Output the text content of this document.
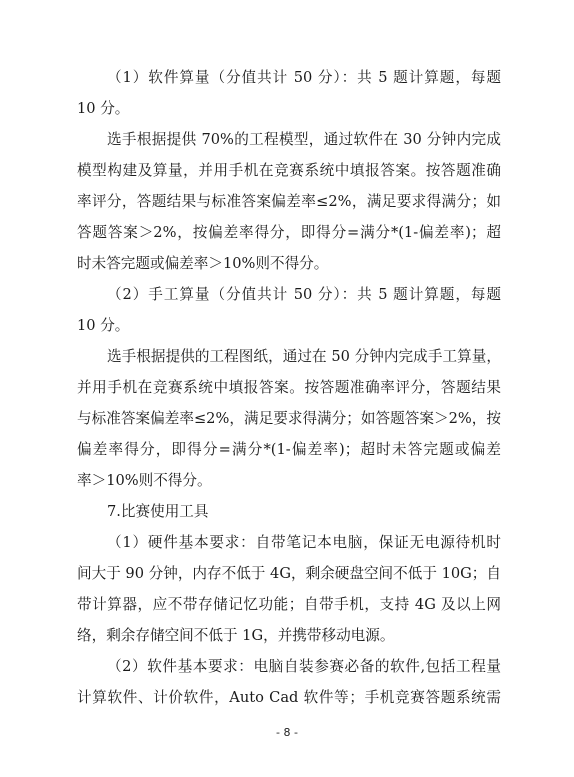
（1）软件算量（分值共计 50 分）：共 5 题计算题，每题
10 分。
选手根据提供 70%的工程模型，通过软件在 30 分钟内完成
模型构建及算量，并用手机在竞赛系统中填报答案。按答题准确
率评分，答题结果与标准答案偏差率≤2%，满足要求得满分；如
答题答案＞2%，按偏差率得分，即得分=满分*(1-偏差率)；超
时未答完题或偏差率＞10%则不得分。
（2）手工算量（分值共计 50 分）：共 5 题计算题，每题
10 分。
选手根据提供的工程图纸，通过在 50 分钟内完成手工算量，
并用手机在竞赛系统中填报答案。按答题准确率评分，答题结果
与标准答案偏差率≤2%，满足要求得满分；如答题答案＞2%，按
偏差率得分，即得分=满分*(1-偏差率)；超时未答完题或偏差
率＞10%则不得分。
7.比赛使用工具
（1）硬件基本要求：自带笔记本电脑，保证无电源待机时
间大于 90 分钟，内存不低于 4G，剩余硬盘空间不低于 10G；自
带计算器，应不带存储记忆功能；自带手机，支持 4G 及以上网
络，剩余存储空间不低于 1G，并携带移动电源。
（2）软件基本要求：电脑自装参赛必备的软件,包括工程量
计算软件、计价软件，Auto Cad 软件等；手机竞赛答题系统需
- 8 -
